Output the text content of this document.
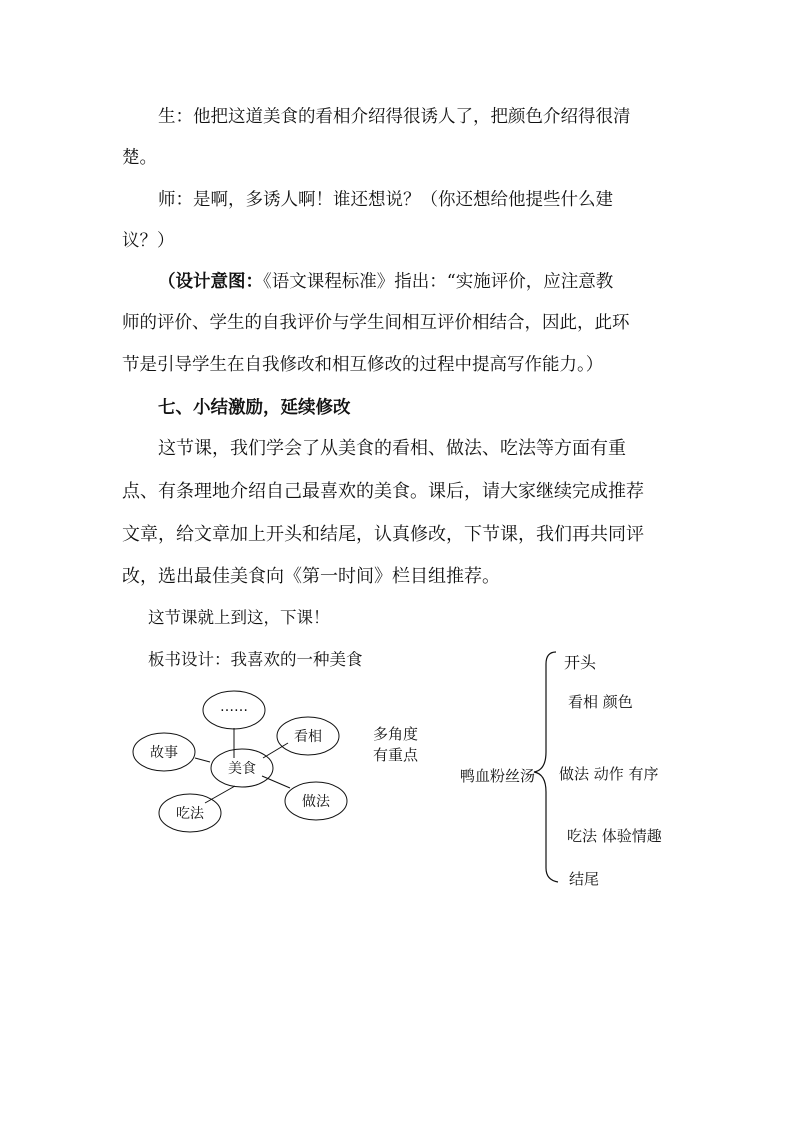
生：他把这道美食的看相介绍得很诱人了，把颜色介绍得很清
楚。
师：是啊，多诱人啊！谁还想说？（你还想给他提些什么建
议？）
（设计意图：《语文课程标准》指出：“实施评价，应注意教
师的评价、学生的自我评价与学生间相互评价相结合，因此，此环
节是引导学生在自我修改和相互修改的过程中提高写作能力。）
七、小结激励，延续修改
这节课，我们学会了从美食的看相、做法、吃法等方面有重
点、有条理地介绍自己最喜欢的美食。课后，请大家继续完成推荐
文章，给文章加上开头和结尾，认真修改，下节课，我们再共同评
改，选出最佳美食向《第一时间》栏目组推荐。
这节课就上到这，下课！
板书设计：我喜欢的一种美食
……
看相
故事
美食
做法
吃法
多角度
有重点
鸭血粉丝汤
开头
看相 颜色
做法 动作 有序
吃法 体验情趣
结尾
